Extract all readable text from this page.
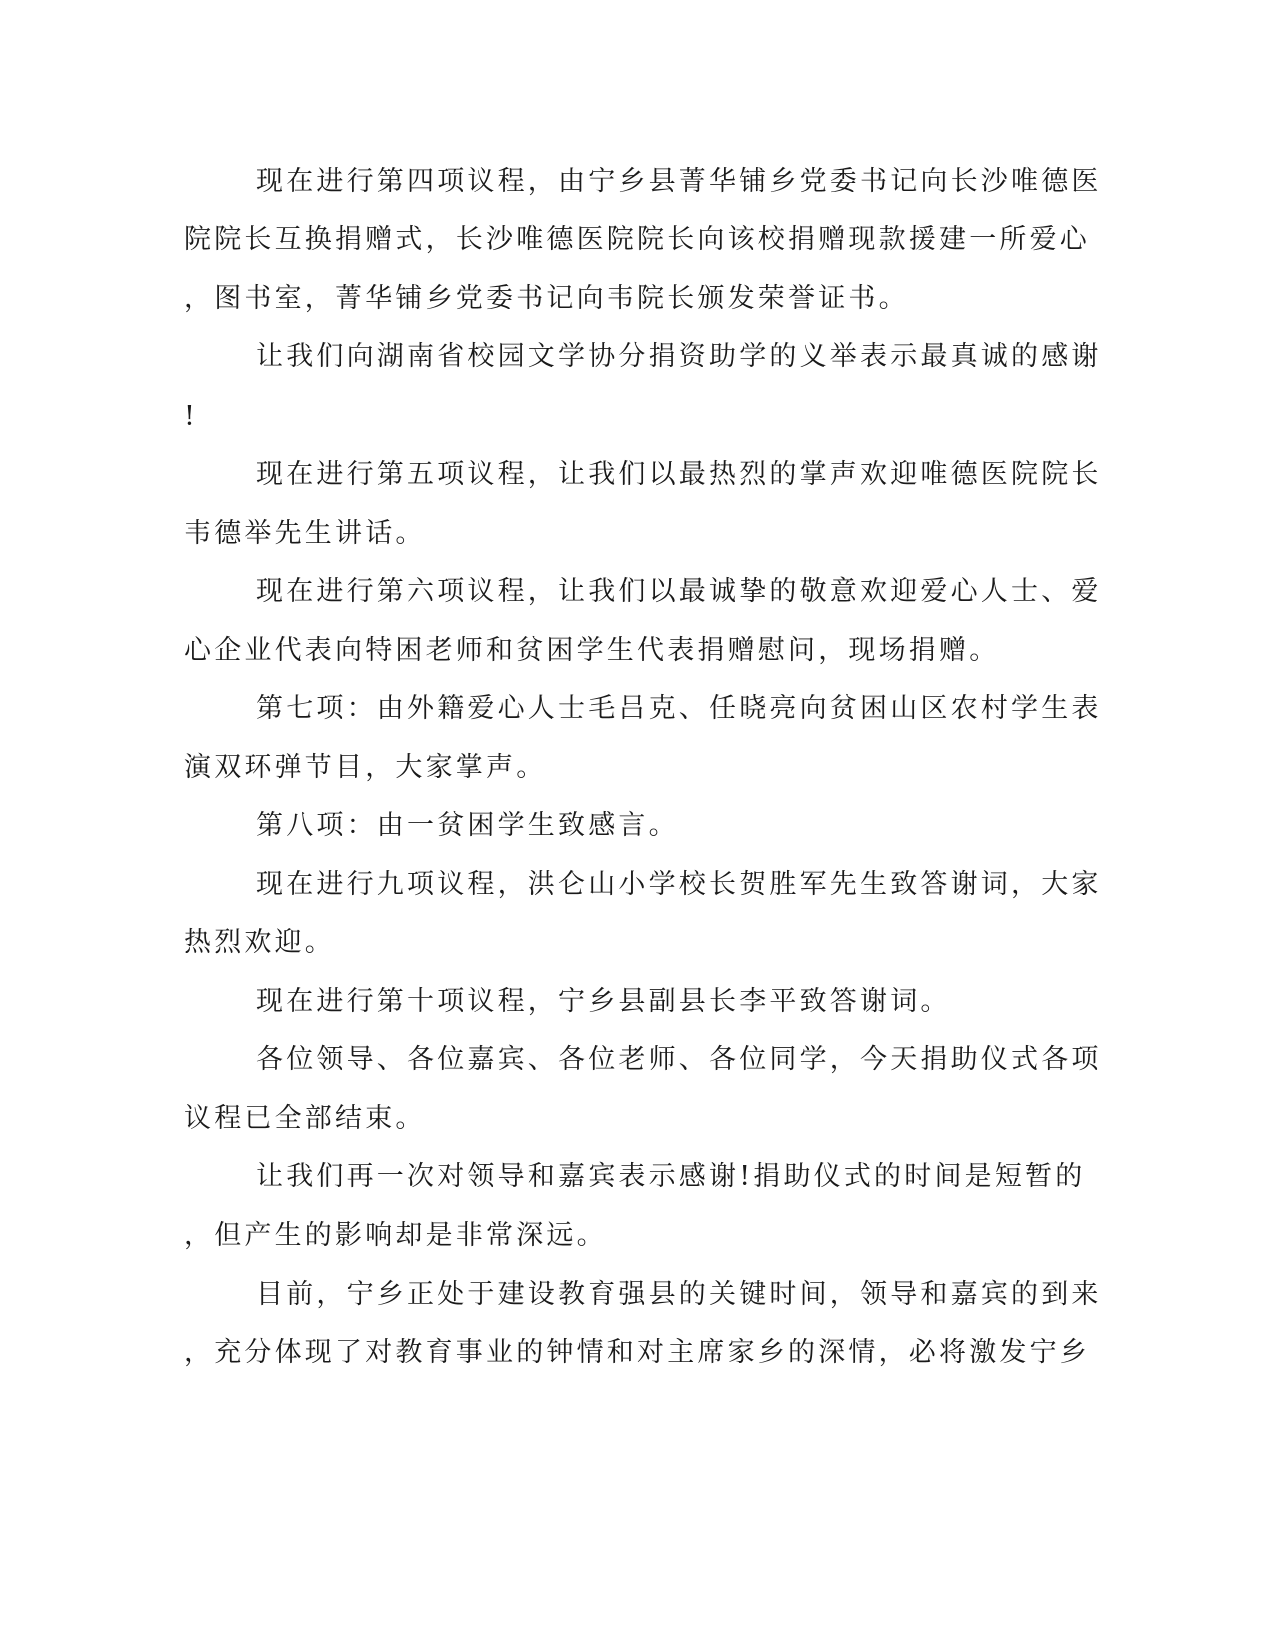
现在进行第四项议程，由宁乡县菁华铺乡党委书记向长沙唯德医
院院长互换捐赠式，长沙唯德医院院长向该校捐赠现款援建一所爱心
，图书室，菁华铺乡党委书记向韦院长颁发荣誉证书。
让我们向湖南省校园文学协分捐资助学的义举表示最真诚的感谢
!
现在进行第五项议程，让我们以最热烈的掌声欢迎唯德医院院长
韦德举先生讲话。
现在进行第六项议程，让我们以最诚挚的敬意欢迎爱心人士、爱
心企业代表向特困老师和贫困学生代表捐赠慰问，现场捐赠。
第七项：由外籍爱心人士毛吕克、任晓亮向贫困山区农村学生表
演双环弹节目，大家掌声。
第八项：由一贫困学生致感言。
现在进行九项议程，洪仑山小学校长贺胜军先生致答谢词，大家
热烈欢迎。
现在进行第十项议程，宁乡县副县长李平致答谢词。
各位领导、各位嘉宾、各位老师、各位同学，今天捐助仪式各项
议程已全部结束。
让我们再一次对领导和嘉宾表示感谢!捐助仪式的时间是短暂的
，但产生的影响却是非常深远。
目前，宁乡正处于建设教育强县的关键时间，领导和嘉宾的到来
，充分体现了对教育事业的钟情和对主席家乡的深情，必将激发宁乡
